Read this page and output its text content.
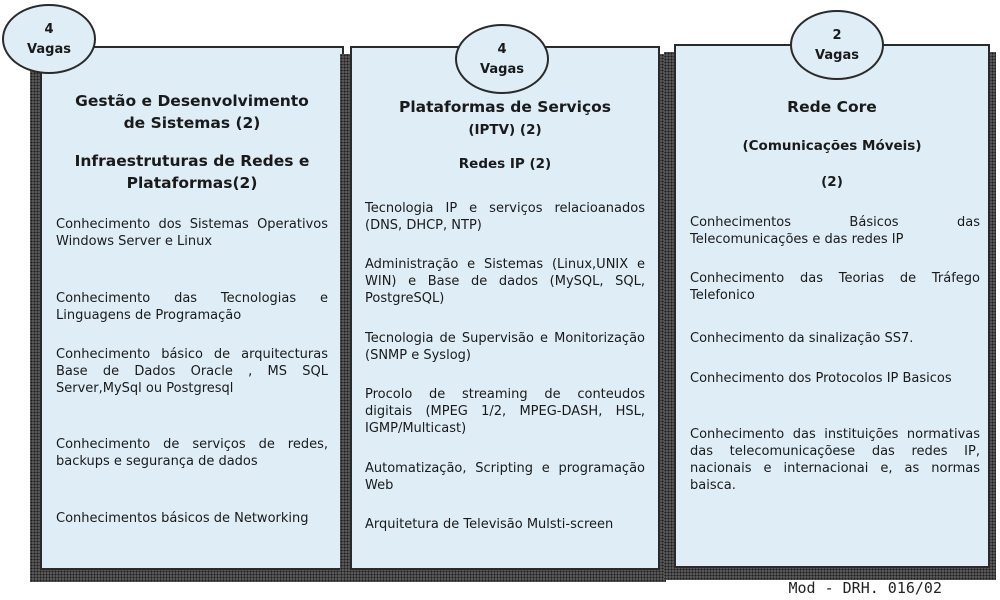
Gestão e Desenvolvimento

de Sistemas (2)

Infraestruturas de Redes e

Plataformas(2)

Conhecimento dos Sistemas Operativos Windows Server e Linux

Conhecimento das Tecnologias e Linguagens de Programação

Conhecimento básico de arquitecturas Base de Dados Oracle , MS SQL Server,MySql ou Postgresql

Conhecimento de serviços de redes, backups e segurança de dados

Conhecimentos básicos de Networking

4
Vagas

Plataformas de Serviços

(IPTV) (2)

Redes IP (2)

Tecnologia IP e serviços relacioanados (DNS, DHCP, NTP)

Administração e Sistemas (Linux,UNIX e WIN) e Base de dados (MySQL, SQL, PostgreSQL)

Tecnologia de Supervisão e Monitorização (SNMP e Syslog)

Procolo de streaming de conteudos digitais (MPEG 1/2, MPEG-DASH, HSL, IGMP/Multicast)

Automatização, Scripting e programação Web

Arquitetura de Televisão Mulsti-screen

4
Vagas

Rede Core

(Comunicações Móveis)

(2)

Conhecimentos Básicos das Telecomunicações e das redes IP

Conhecimento das Teorias de Tráfego Telefonico

Conhecimento da sinalização SS7.

Conhecimento dos Protocolos IP Basicos

Conhecimento das instituições normativas das telecomunicaçõese das redes IP, nacionais e internacionai e, as normas baisca.

2
Vagas
Mod - DRH. 016/02
